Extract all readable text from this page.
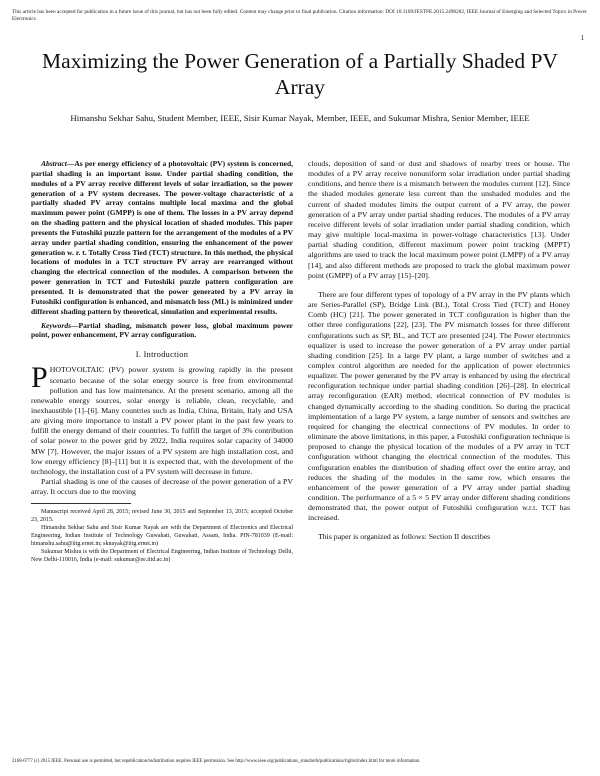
This article has been accepted for publication in a future issue of this journal, but has not been fully edited. Content may change prior to final publication. Citation information: DOI 10.1109/JESTPE.2015.2498282, IEEE Journal of Emerging and Selected Topics in Power Electronics
1
Maximizing the Power Generation of a Partially Shaded PV Array
Himanshu Sekhar Sahu, Student Member, IEEE, Sisir Kumar Nayak, Member, IEEE, and Sukumar Mishra, Senior Member, IEEE

Abstract—As per energy efficiency of a photovoltaic (PV) system is concerned, partial shading is an important issue. Under partial shading condition, the modules of a PV array receive different levels of solar irradiation, so the power generation of a PV system decreases. The power-voltage characteristic of a partially shaded PV array contains multiple local maxima and the global maximum power point (GMPP) is one of them. The losses in a PV array depend on the shading pattern and the physical location of shaded modules. This paper presents the Futoshiki puzzle pattern for the arrangement of the modules of a PV array under partial shading condition, ensuring the enhancement of the power generation w. r. t. Totally Cross Tied (TCT) structure. In this method, the physical locations of modules in a TCT structure PV array are rearranged without changing the electrical connection of the modules. A comparison between the power generation in TCT and Futoshiki puzzle pattern configuration are presented. It is demonstrated that the power generated by a PV array in Futoshiki configuration is enhanced, and mismatch loss (ML) is minimized under different shading pattern by theoretical, simulation and experimental results.

Keywords—Partial shading, mismatch power loss, global maximum power point, power enhancement, PV array configuration.

I. Introduction

PHOTOVOLTAIC (PV) power system is growing rapidly in the present scenario because of the solar energy source is free from environmental pollution and has low maintenance. At the present scenario, among all the renewable energy sources, solar energy is reliable, clean, recyclable, and inexhaustible [1]–[6]. Many countries such as India, China, Britain, Italy and USA are giving more importance to install a PV power plant in the past few years to fulfill the energy demand of their countries. To fulfill the target of 3% contribution of solar power to the power grid by 2022, India requires solar capacity of 34000 MW [7]. However, the major issues of a PV system are high installation cost, and low energy efficiency [8]–[11] but it is expected that, with the development of the technology, the installation cost of a PV system will decrease in future.

Partial shading is one of the causes of decrease of the power generation of a PV array. It occurs due to the moving

Manuscript received April 28, 2015; revised June 30, 2015 and September 13, 2015; accepted October 23, 2015.

Himanshu Sekhar Sahu and Sisir Kumar Nayak are with the Department of Electronics and Electrical Engineering, Indian Institute of Technology Guwahati, Guwahati, Assam, India. PIN-781039 (E-mail: himanshu.sahu@iitg.ernet.in; sknayak@iitg.ernet.in)

Sukumar Mishra is with the Department of Electrical Engineering, Indian Institute of Technology Delhi, New Delhi-110016, India (e-mail: sukumar@ee.iitd.ac.in)

clouds, deposition of sand or dust and shadows of nearby trees or house. The modules of a PV array receive nonuniform solar irradiation under partial shading conditions, and hence there is a mismatch between the modules current [12]. Since the shaded modules generate less current than the unshaded modules and the current of shaded modules limits the output current of a PV array, the power generation of a PV array under partial shading reduces. The modules of a PV array receive different levels of solar irradiation under partial shading condition, which may give multiple local-maxima in power-voltage characteristics [13]. Under partial shading condition, different maximum power point tracking (MPPT) algorithms are used to track the local maximum power point (LMPP) of a PV array [14], and also different methods are proposed to track the global maximum power point (GMPP) of a PV array [15]–[20].

There are four different types of topology of a PV array in the PV plants which are Series-Parallel (SP), Bridge Link (BL), Total Cross Tied (TCT) and Honey Comb (HC) [21]. The power generated in TCT configuration is higher than the other three configurations [22], [23]. The PV mismatch losses for three different configurations such as SP, BL, and TCT are presented [24]. The Power electronics equalizer is used to increase the power generation of a PV array under partial shading condition [25]. In a large PV plant, a large number of switches and a complex control algorithm are needed for the application of power electronics equalizer. The power generated by the PV array is enhanced by using the electrical reconfiguration technique under partial shading condition [26]–[28]. In electrical array reconfiguration (EAR) method, electrical connection of PV modules is changed dynamically according to the shading condition. So during the practical implementation of a large PV system, a large number of sensors and switches are required for changing the electrical connections of PV modules. In order to eliminate the above limitations, in this paper, a Futoshiki configuration technique is proposed to change the physical location of the modules of a PV array in TCT configuration without changing the electrical connection of the modules. This configuration enables the distribution of shading effect over the entire array, and reduces the shading of the modules in the same row, which ensures the enhancement of the power generation of a PV array under partial shading condition. The performance of a 5 × 5 PV array under different shading conditions demonstrated that, the power output of Futoshiki configuration w.r.t. TCT has increased.

This paper is organized as follows: Section II describes

2168-6777 (c) 2015 IEEE. Personal use is permitted, but republication/redistribution requires IEEE permission. See http://www.ieee.org/publications_standards/publications/rights/index.html for more information.
